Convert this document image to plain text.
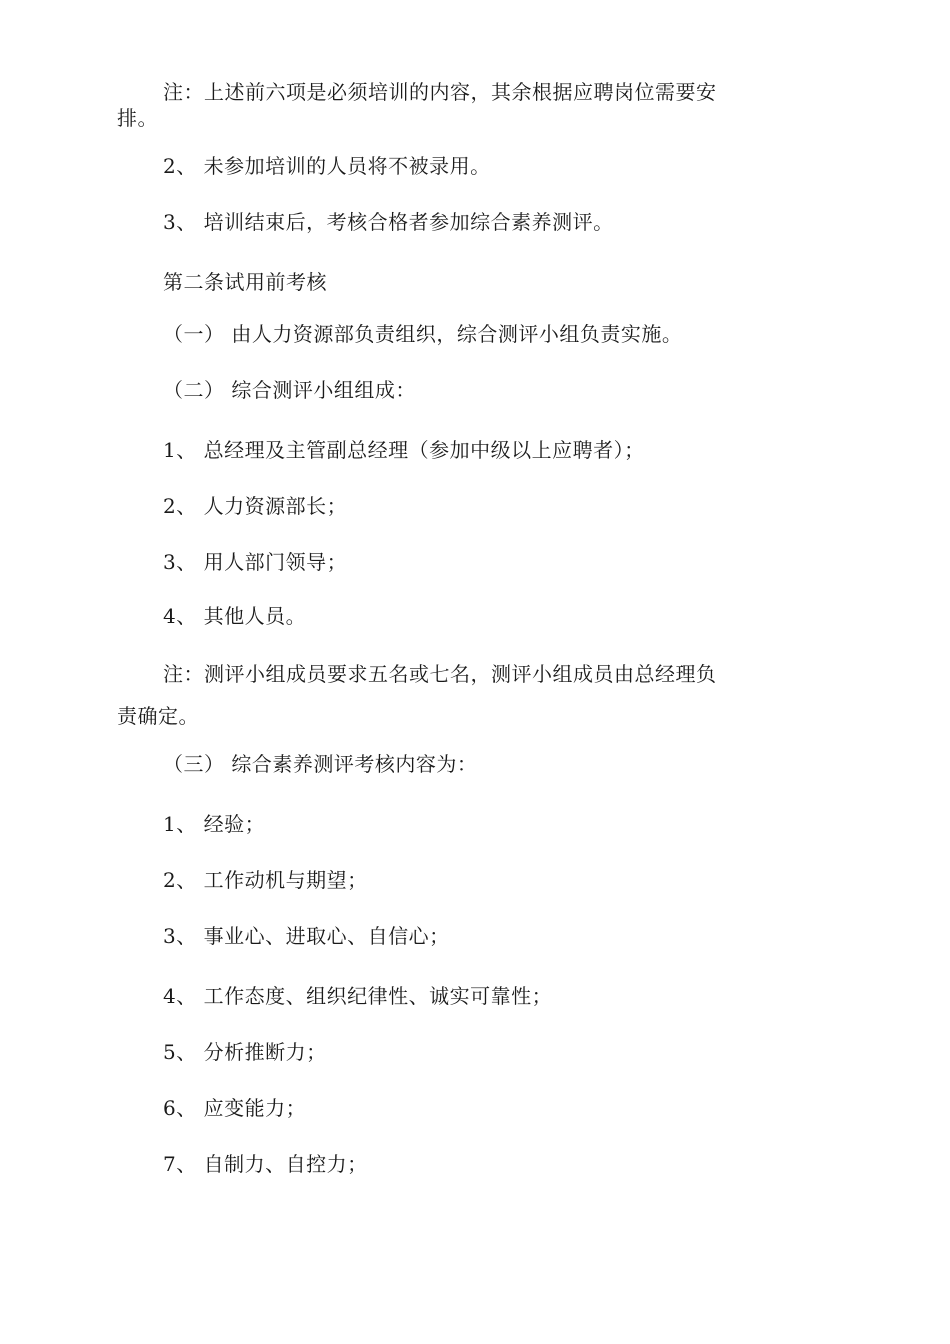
注：上述前六项是必须培训的内容，其余根据应聘岗位需要安
排。
2、 未参加培训的人员将不被录用。
3、 培训结束后，考核合格者参加综合素养测评。
第二条试用前考核
（一） 由人力资源部负责组织，综合测评小组负责实施。
（二） 综合测评小组组成：
1、 总经理及主管副总经理（参加中级以上应聘者）；
2、 人力资源部长；
3、 用人部门领导；
4、 其他人员。
注：测评小组成员要求五名或七名，测评小组成员由总经理负
责确定。
（三） 综合素养测评考核内容为：
1、 经验；
2、 工作动机与期望；
3、 事业心、进取心、自信心；
4、 工作态度、组织纪律性、诚实可靠性；
5、 分析推断力；
6、 应变能力；
7、 自制力、自控力；
